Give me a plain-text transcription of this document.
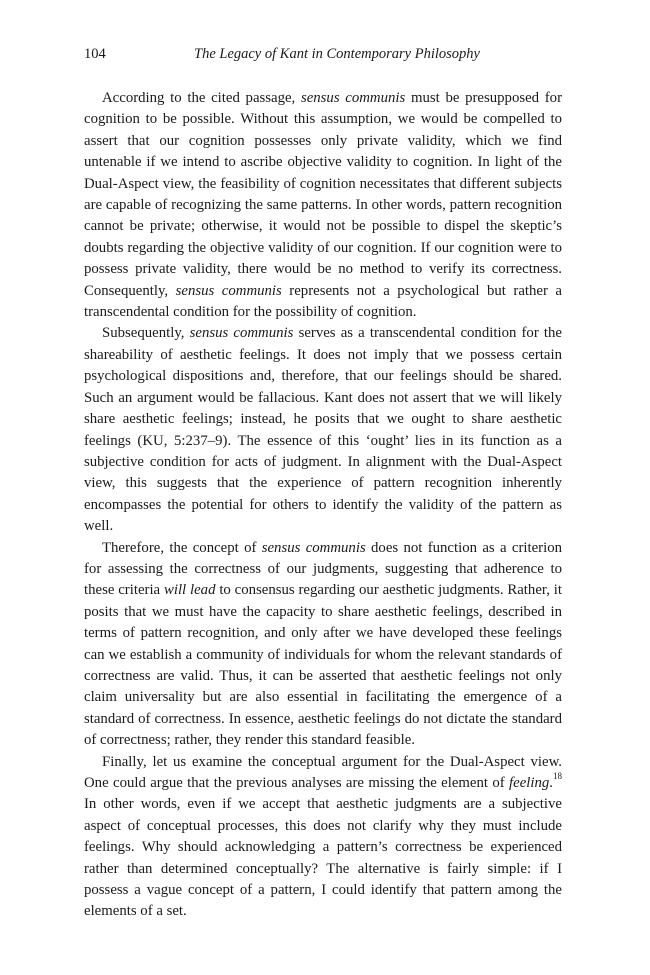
104	The Legacy of Kant in Contemporary Philosophy

According to the cited passage, sensus communis must be presupposed for cognition to be possible. Without this assumption, we would be compelled to assert that our cognition possesses only private validity, which we find untenable if we intend to ascribe objective validity to cognition. In light of the Dual-Aspect view, the feasibility of cognition necessitates that different subjects are capable of recognizing the same patterns. In other words, pattern recognition cannot be private; otherwise, it would not be possible to dispel the skeptic’s doubts regarding the objective validity of our cognition. If our cognition were to possess private validity, there would be no method to verify its correctness. Consequently, sensus communis represents not a psychological but rather a transcendental condition for the possibility of cognition.

Subsequently, sensus communis serves as a transcendental condition for the shareability of aesthetic feelings. It does not imply that we possess certain psychological dispositions and, therefore, that our feelings should be shared. Such an argument would be fallacious. Kant does not assert that we will likely share aesthetic feelings; instead, he posits that we ought to share aesthetic feelings (KU, 5:237–9). The essence of this ‘ought’ lies in its function as a subjective condition for acts of judgment. In alignment with the Dual-Aspect view, this suggests that the experience of pattern recognition inherently encompasses the potential for others to identify the validity of the pattern as well.

Therefore, the concept of sensus communis does not function as a criterion for assessing the correctness of our judgments, suggesting that adherence to these criteria will lead to consensus regarding our aesthetic judgments. Rather, it posits that we must have the capacity to share aesthetic feelings, described in terms of pattern recognition, and only after we have developed these feelings can we establish a community of individuals for whom the relevant standards of correctness are valid. Thus, it can be asserted that aesthetic feelings not only claim universality but are also essential in facilitating the emergence of a standard of correctness. In essence, aesthetic feelings do not dictate the standard of correctness; rather, they render this standard feasible.

Finally, let us examine the conceptual argument for the Dual-Aspect view. One could argue that the previous analyses are missing the element of feeling.$^{18}$ In other words, even if we accept that aesthetic judgments are a subjective aspect of conceptual processes, this does not clarify why they must include feelings. Why should acknowledging a pattern’s correctness be experienced rather than determined conceptually? The alternative is fairly simple: if I possess a vague concept of a pattern, I could identify that pattern among the elements of a set.
